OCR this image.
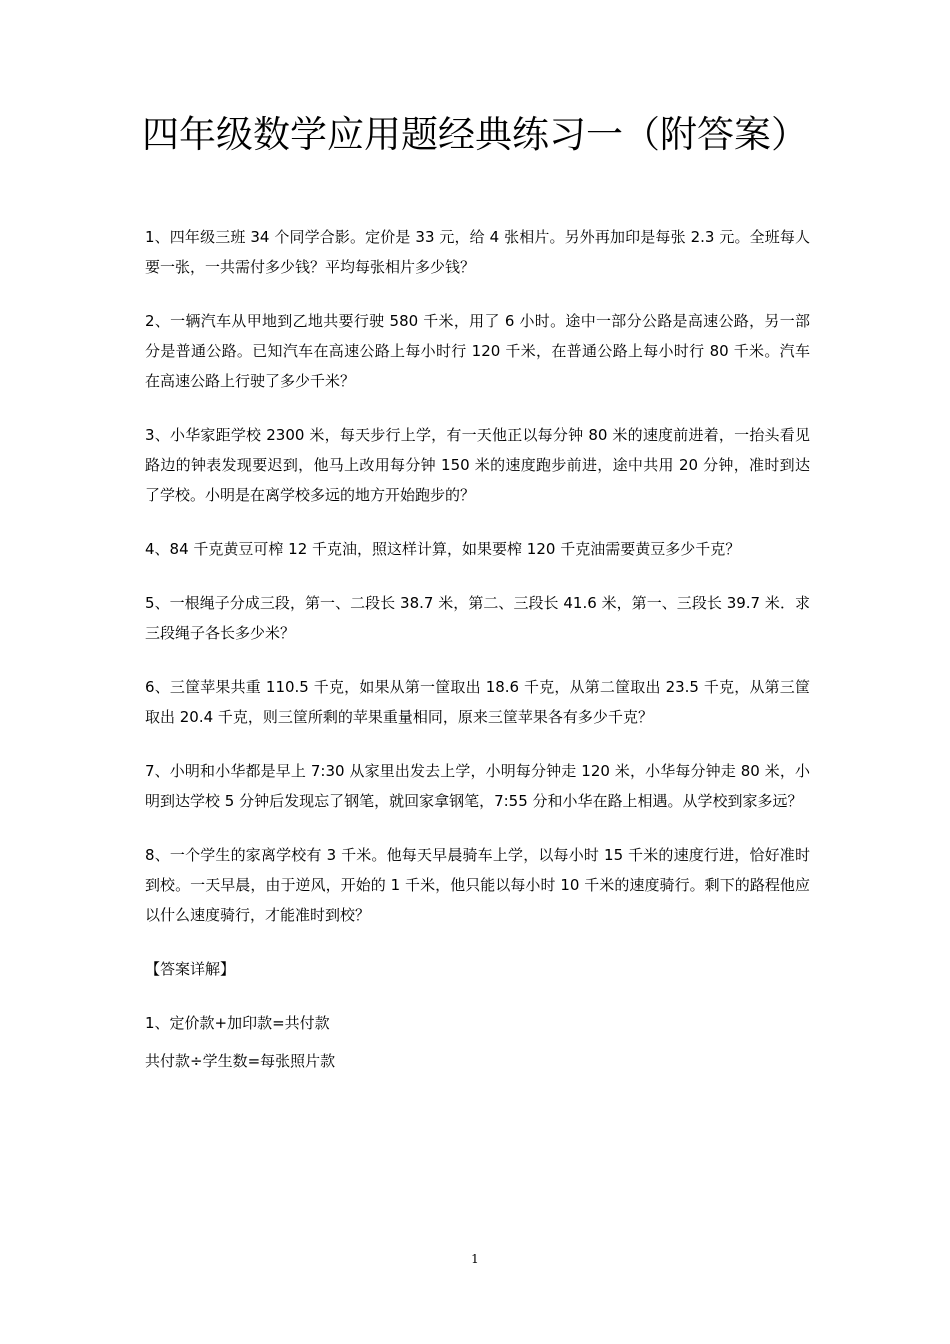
四年级数学应用题经典练习一（附答案）

1、四年级三班 34 个同学合影。定价是 33 元，给 4 张相片。另外再加印是每张 2.3 元。全班每人要一张，一共需付多少钱？平均每张相片多少钱？

2、一辆汽车从甲地到乙地共要行驶 580 千米，用了 6 小时。途中一部分公路是高速公路，另一部分是普通公路。已知汽车在高速公路上每小时行 120 千米，在普通公路上每小时行 80 千米。汽车在高速公路上行驶了多少千米？

3、小华家距学校 2300 米，每天步行上学，有一天他正以每分钟 80 米的速度前进着，一抬头看见路边的钟表发现要迟到，他马上改用每分钟 150 米的速度跑步前进，途中共用 20 分钟，准时到达了学校。小明是在离学校多远的地方开始跑步的？

4、84 千克黄豆可榨 12 千克油，照这样计算，如果要榨 120 千克油需要黄豆多少千克？

5、一根绳子分成三段，第一、二段长 38.7 米，第二、三段长 41.6 米，第一、三段长 39.7 米．求三段绳子各长多少米？

6、三筐苹果共重 110.5 千克，如果从第一筐取出 18.6 千克，从第二筐取出 23.5 千克，从第三筐取出 20.4 千克，则三筐所剩的苹果重量相同，原来三筐苹果各有多少千克？

7、小明和小华都是早上 7:30 从家里出发去上学，小明每分钟走 120 米，小华每分钟走 80 米，小明到达学校 5 分钟后发现忘了钢笔，就回家拿钢笔，7:55 分和小华在路上相遇。从学校到家多远？

8、一个学生的家离学校有 3 千米。他每天早晨骑车上学，以每小时 15 千米的速度行进，恰好准时到校。一天早晨，由于逆风，开始的 1 千米，他只能以每小时 10 千米的速度骑行。剩下的路程他应以什么速度骑行，才能准时到校？

【答案详解】

1、定价款+加印款=共付款

共付款÷学生数=每张照片款

1
